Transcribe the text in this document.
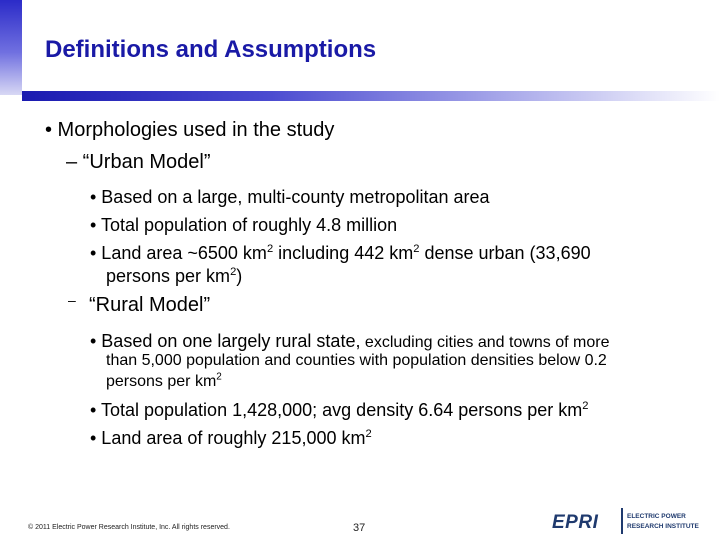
Definitions and Assumptions
• Morphologies used in the study
– “Urban Model”
• Based on a large, multi-county metropolitan area
• Total population of roughly 4.8 million
• Land area ~6500 $km^2$ including 442 $km^2$ dense urban (33,690
persons per $km^2$)
– “Rural Model”
• Based on one largely rural state, excluding cities and towns of more
than 5,000 population and counties with population densities below 0.2
persons per $km^2$
• Total population 1,428,000; avg density 6.64 persons per $km^2$
• Land area of roughly 215,000 $km^2$
© 2011 Electric Power Research Institute, Inc. All rights reserved.	37	EPRI	ELECTRIC POWER
RESEARCH INSTITUTE
